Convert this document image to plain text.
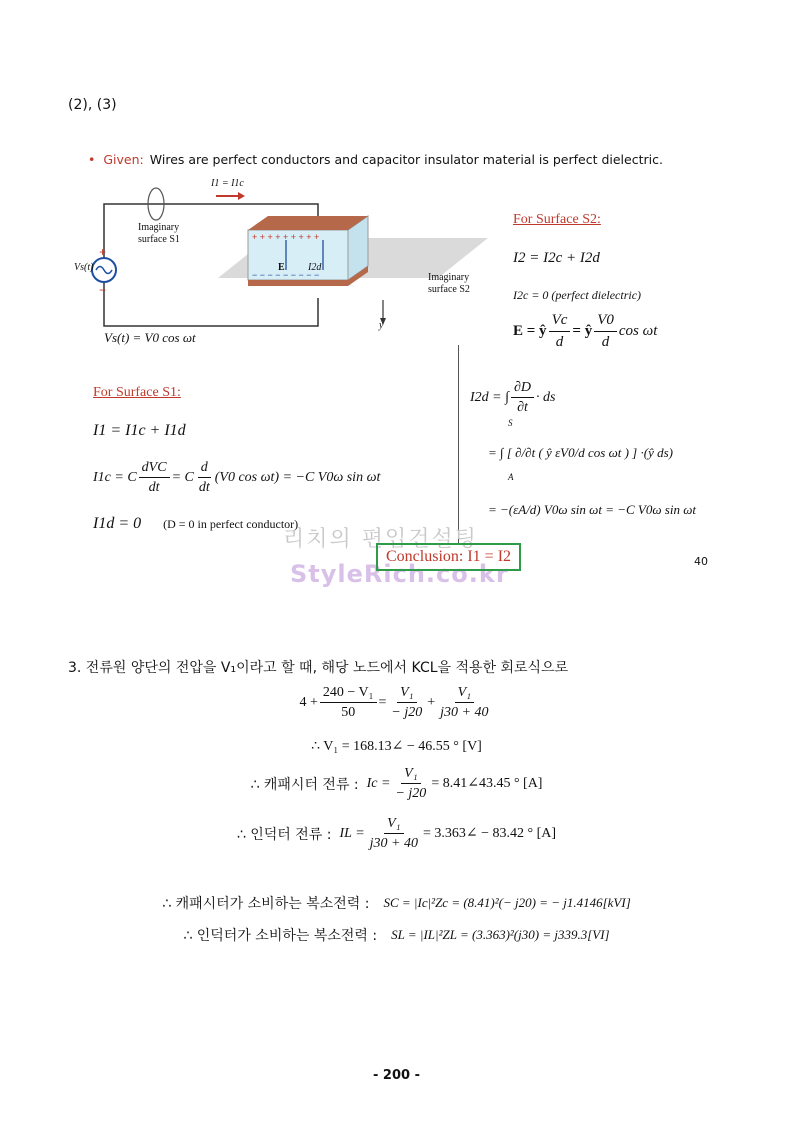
(2), (3)
• Given: Wires are perfect conductors and capacitor insulator material is perfect dielectric.
+
−
+ + + + + + + + +
− − − − − − − − −
I1 = I1c
Imaginary surface S1
Imaginary surface S2
Vs(t)	E I2d
y
Vs(t) = V0 cos ωt
For Surface S2:
I2 = I2c + I2d
I2c = 0 (perfect dielectric)
E = ŷ $\frac{Vc}{d}$ = ŷ $\frac{V0}{d}$ cos ωt
For Surface S1:
I1 = I1c + I1d
I1c = C $\frac{\text{dVC}}{dt} = C \frac{d}{dt} (V0$ cos ωt) = −C V0ω sin ωt
I1d = 0 (D = 0 in perfect conductor)
I2d = ∫ $\frac{\partial D}{\partial t}$ · ds
S
= ∫ [ ∂/∂t ( ŷ εV0/d cos ωt ) ] ·(ŷ ds)
A
= −(εA/d) V0ω sin ωt = −C V0ω sin ωt
리치의 편입건설팅
StyleRich.co.kr
Conclusion: I1 = I2	40
3. 전류원 양단의 전압을 V₁이라고 할 때, 해당 노드에서 KCL을 적용한 회로식으로
$4 + \frac{\text{240 − V₁}}{50} = \frac{\text{V₁}}{- j20} + \frac{\text{V₁}}{j30 + 40}$
∴ V₁ = 168.13∠ − 46.55 ° [V]
∴ 캐패시터 전류 : $Ic = \frac{\text{V₁}}{- j20}$ = 8.41∠43.45 ° [A]
∴ 인덕터 전류 : IL = $\frac{\text{V₁}}{j30 + 40}$ = 3.363∠ − 83.42 ° [A]
∴ 캐패시터가 소비하는 복소전력 : SC = |Ic|²Zc = (8.41)²(− j20) = − j1.4146[kVI]
∴ 인덕터가 소비하는 복소전력 : SL = |IL|²ZL = (3.363)²(j30) = j339.3[VI]
- 200 -
